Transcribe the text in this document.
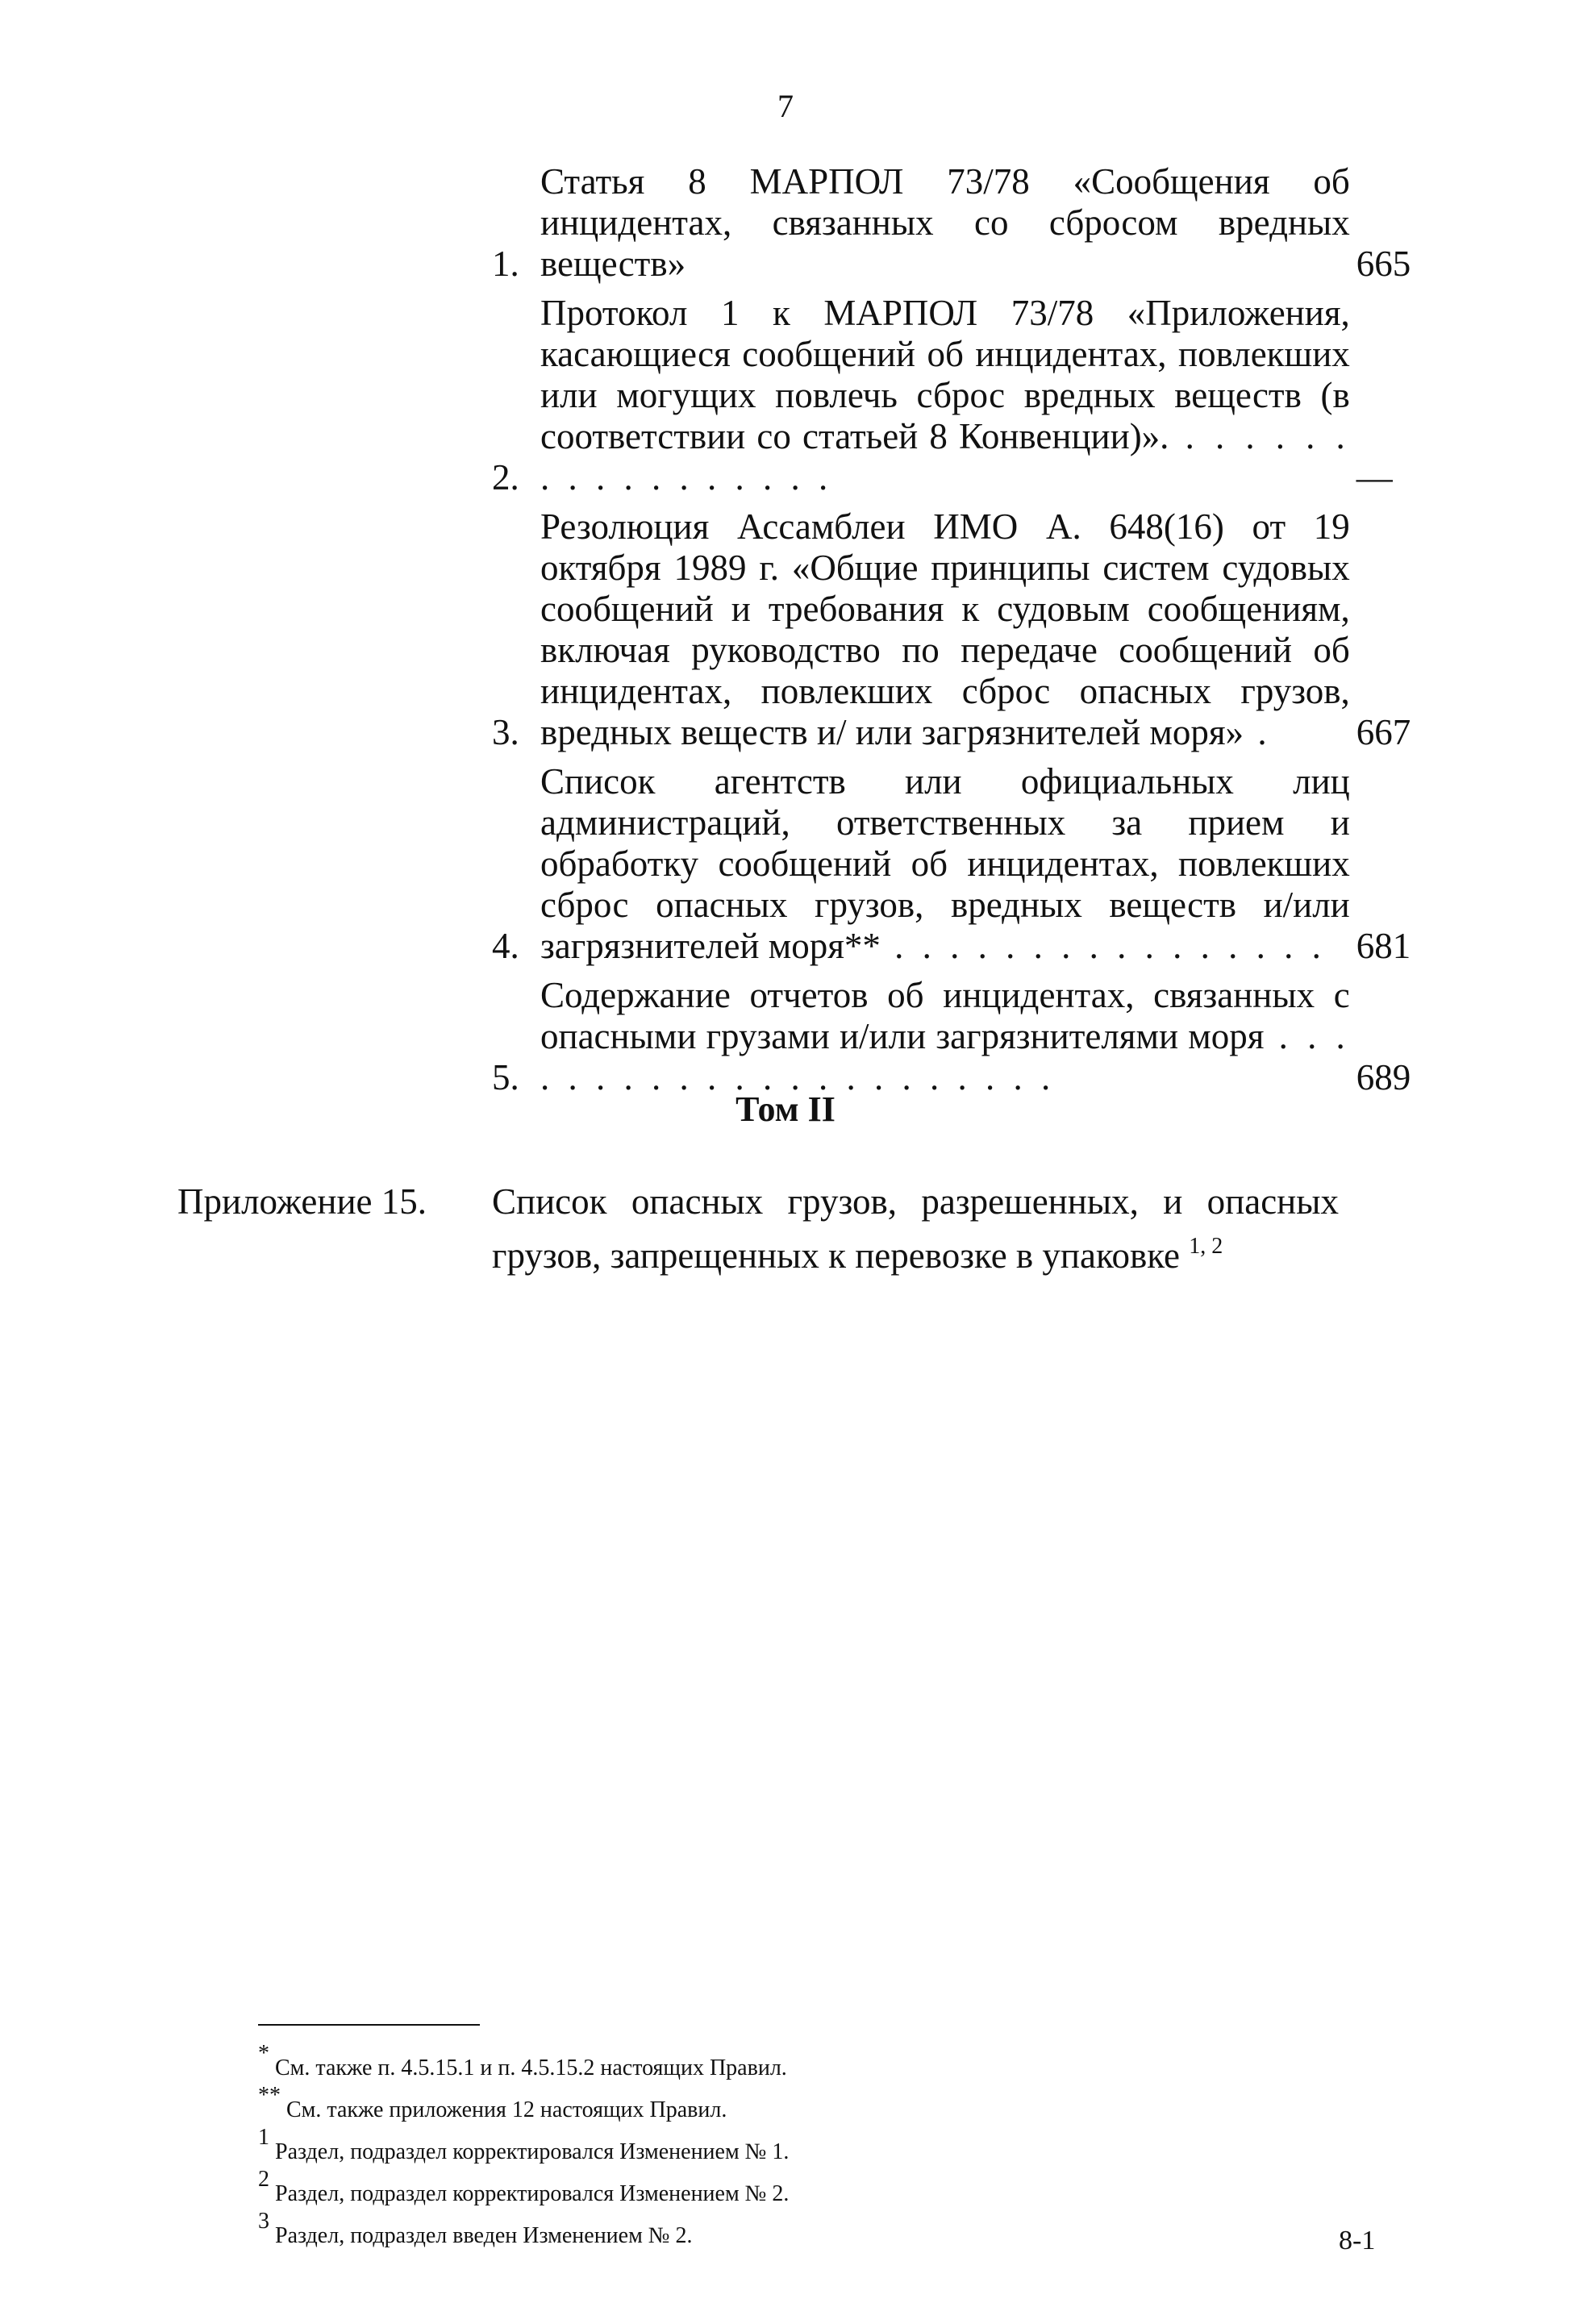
7
1.
Статья 8 МАРПОЛ 73/78 «Сообщения об инцидентах, связанных со сбросом вредных веществ»	665
2.
Протокол 1 к МАРПОЛ 73/78 «Приложения, касающиеся сообщений об инцидентах, повлекших или могущих повлечь сброс вредных веществ (в соответствии со статьей 8 Конвенции)». . . . . . . . . . . . . . . . . .	—
3.
Резолюция Ассамблеи ИМО А. 648(16) от 19 октября 1989 г. «Общие принципы систем судовых сообщений и требования к судовым сообщениям, включая руководство по передаче сообщений об инцидентах, повлекших сброс опасных грузов, вредных веществ и/ или загрязнителей моря» .	667
4.
Список агентств или официальных лиц администраций, ответственных за прием и обработку сообщений об инцидентах, повлекших сброс опасных грузов, вредных веществ и/или загрязнителей моря** . . . . . . . . . . . . . . . . 681
5.
Содержание отчетов об инцидентах, связанных с опасными грузами и/или загрязнителями моря . . . . . . . . . . . . . . . . . . . . . .	689
Том II
Приложение 15. Список опасных грузов, разрешенных, и опасных грузов, запрещенных к перевозке в упаковке $^{1, 2}$
* См. также п. 4.5.15.1 и п. 4.5.15.2 настоящих Правил.
** См. также приложения 12 настоящих Правил.
$^1$ Раздел, подраздел корректировался Изменением № 1.
$^2$ Раздел, подраздел корректировался Изменением № 2.
$^3$ Раздел, подраздел введен Изменением № 2.	8-1
